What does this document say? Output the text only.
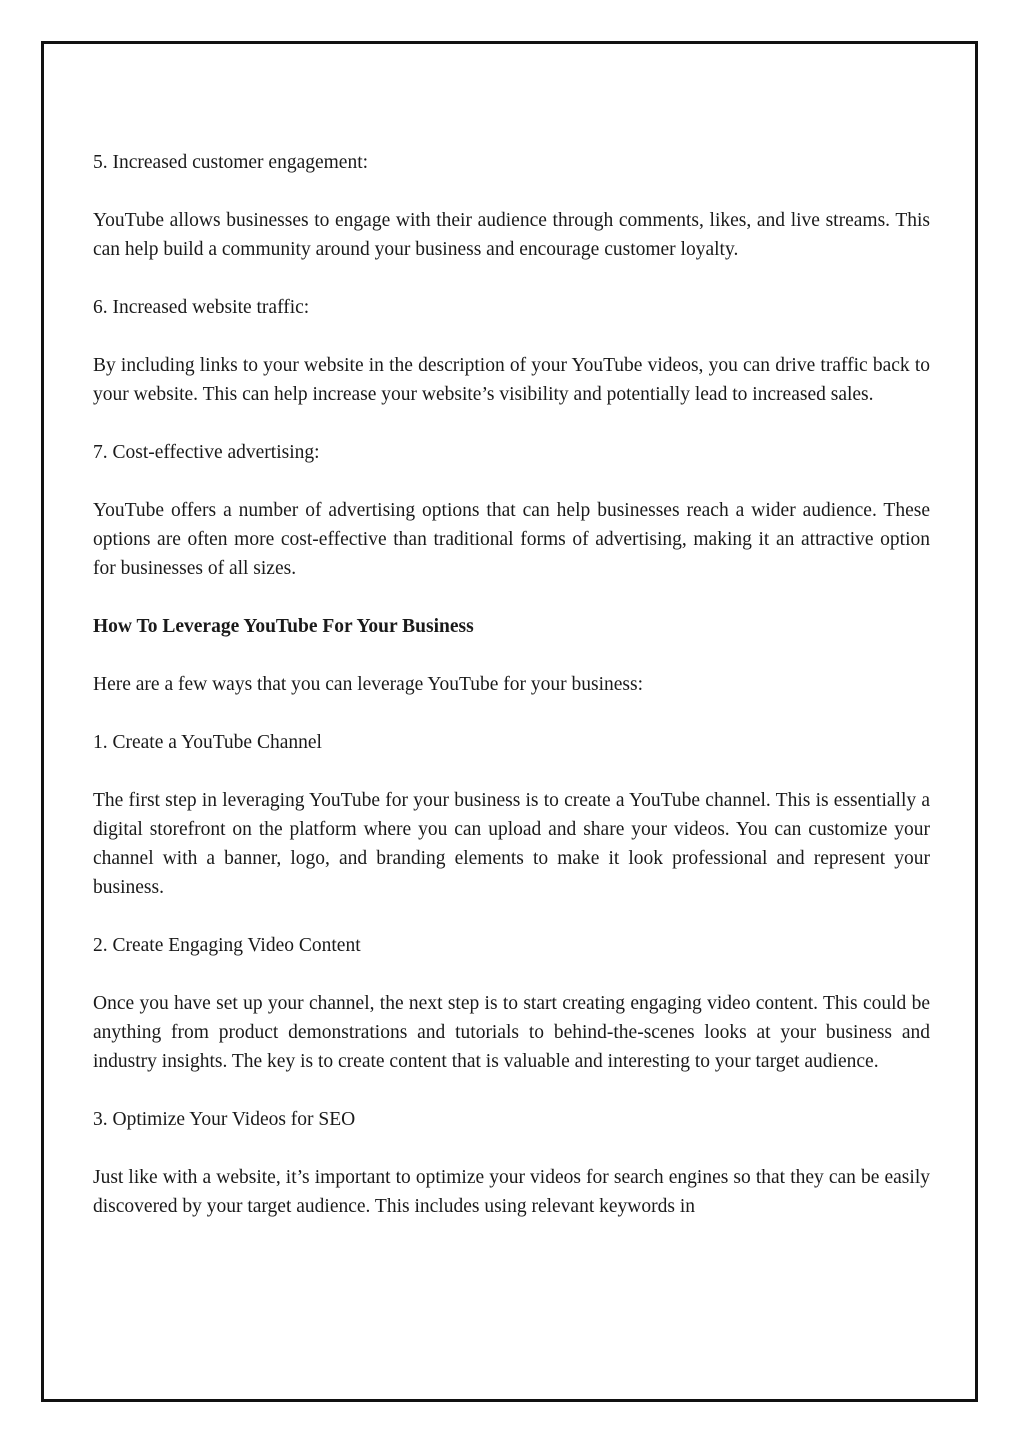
5. Increased customer engagement:

YouTube allows businesses to engage with their audience through comments, likes, and live streams. This can help build a community around your business and encourage customer loyalty.

6. Increased website traffic:

By including links to your website in the description of your YouTube videos, you can drive traffic back to your website. This can help increase your website’s visibility and potentially lead to increased sales.

7. Cost-effective advertising:

YouTube offers a number of advertising options that can help businesses reach a wider audience. These options are often more cost-effective than traditional forms of advertising, making it an attractive option for businesses of all sizes.

How To Leverage YouTube For Your Business

Here are a few ways that you can leverage YouTube for your business:

1. Create a YouTube Channel

The first step in leveraging YouTube for your business is to create a YouTube channel. This is essentially a digital storefront on the platform where you can upload and share your videos. You can customize your channel with a banner, logo, and branding elements to make it look professional and represent your business.

2. Create Engaging Video Content

Once you have set up your channel, the next step is to start creating engaging video content. This could be anything from product demonstrations and tutorials to behind-the-scenes looks at your business and industry insights. The key is to create content that is valuable and interesting to your target audience.

3. Optimize Your Videos for SEO

Just like with a website, it’s important to optimize your videos for search engines so that they can be easily discovered by your target audience. This includes using relevant keywords in
